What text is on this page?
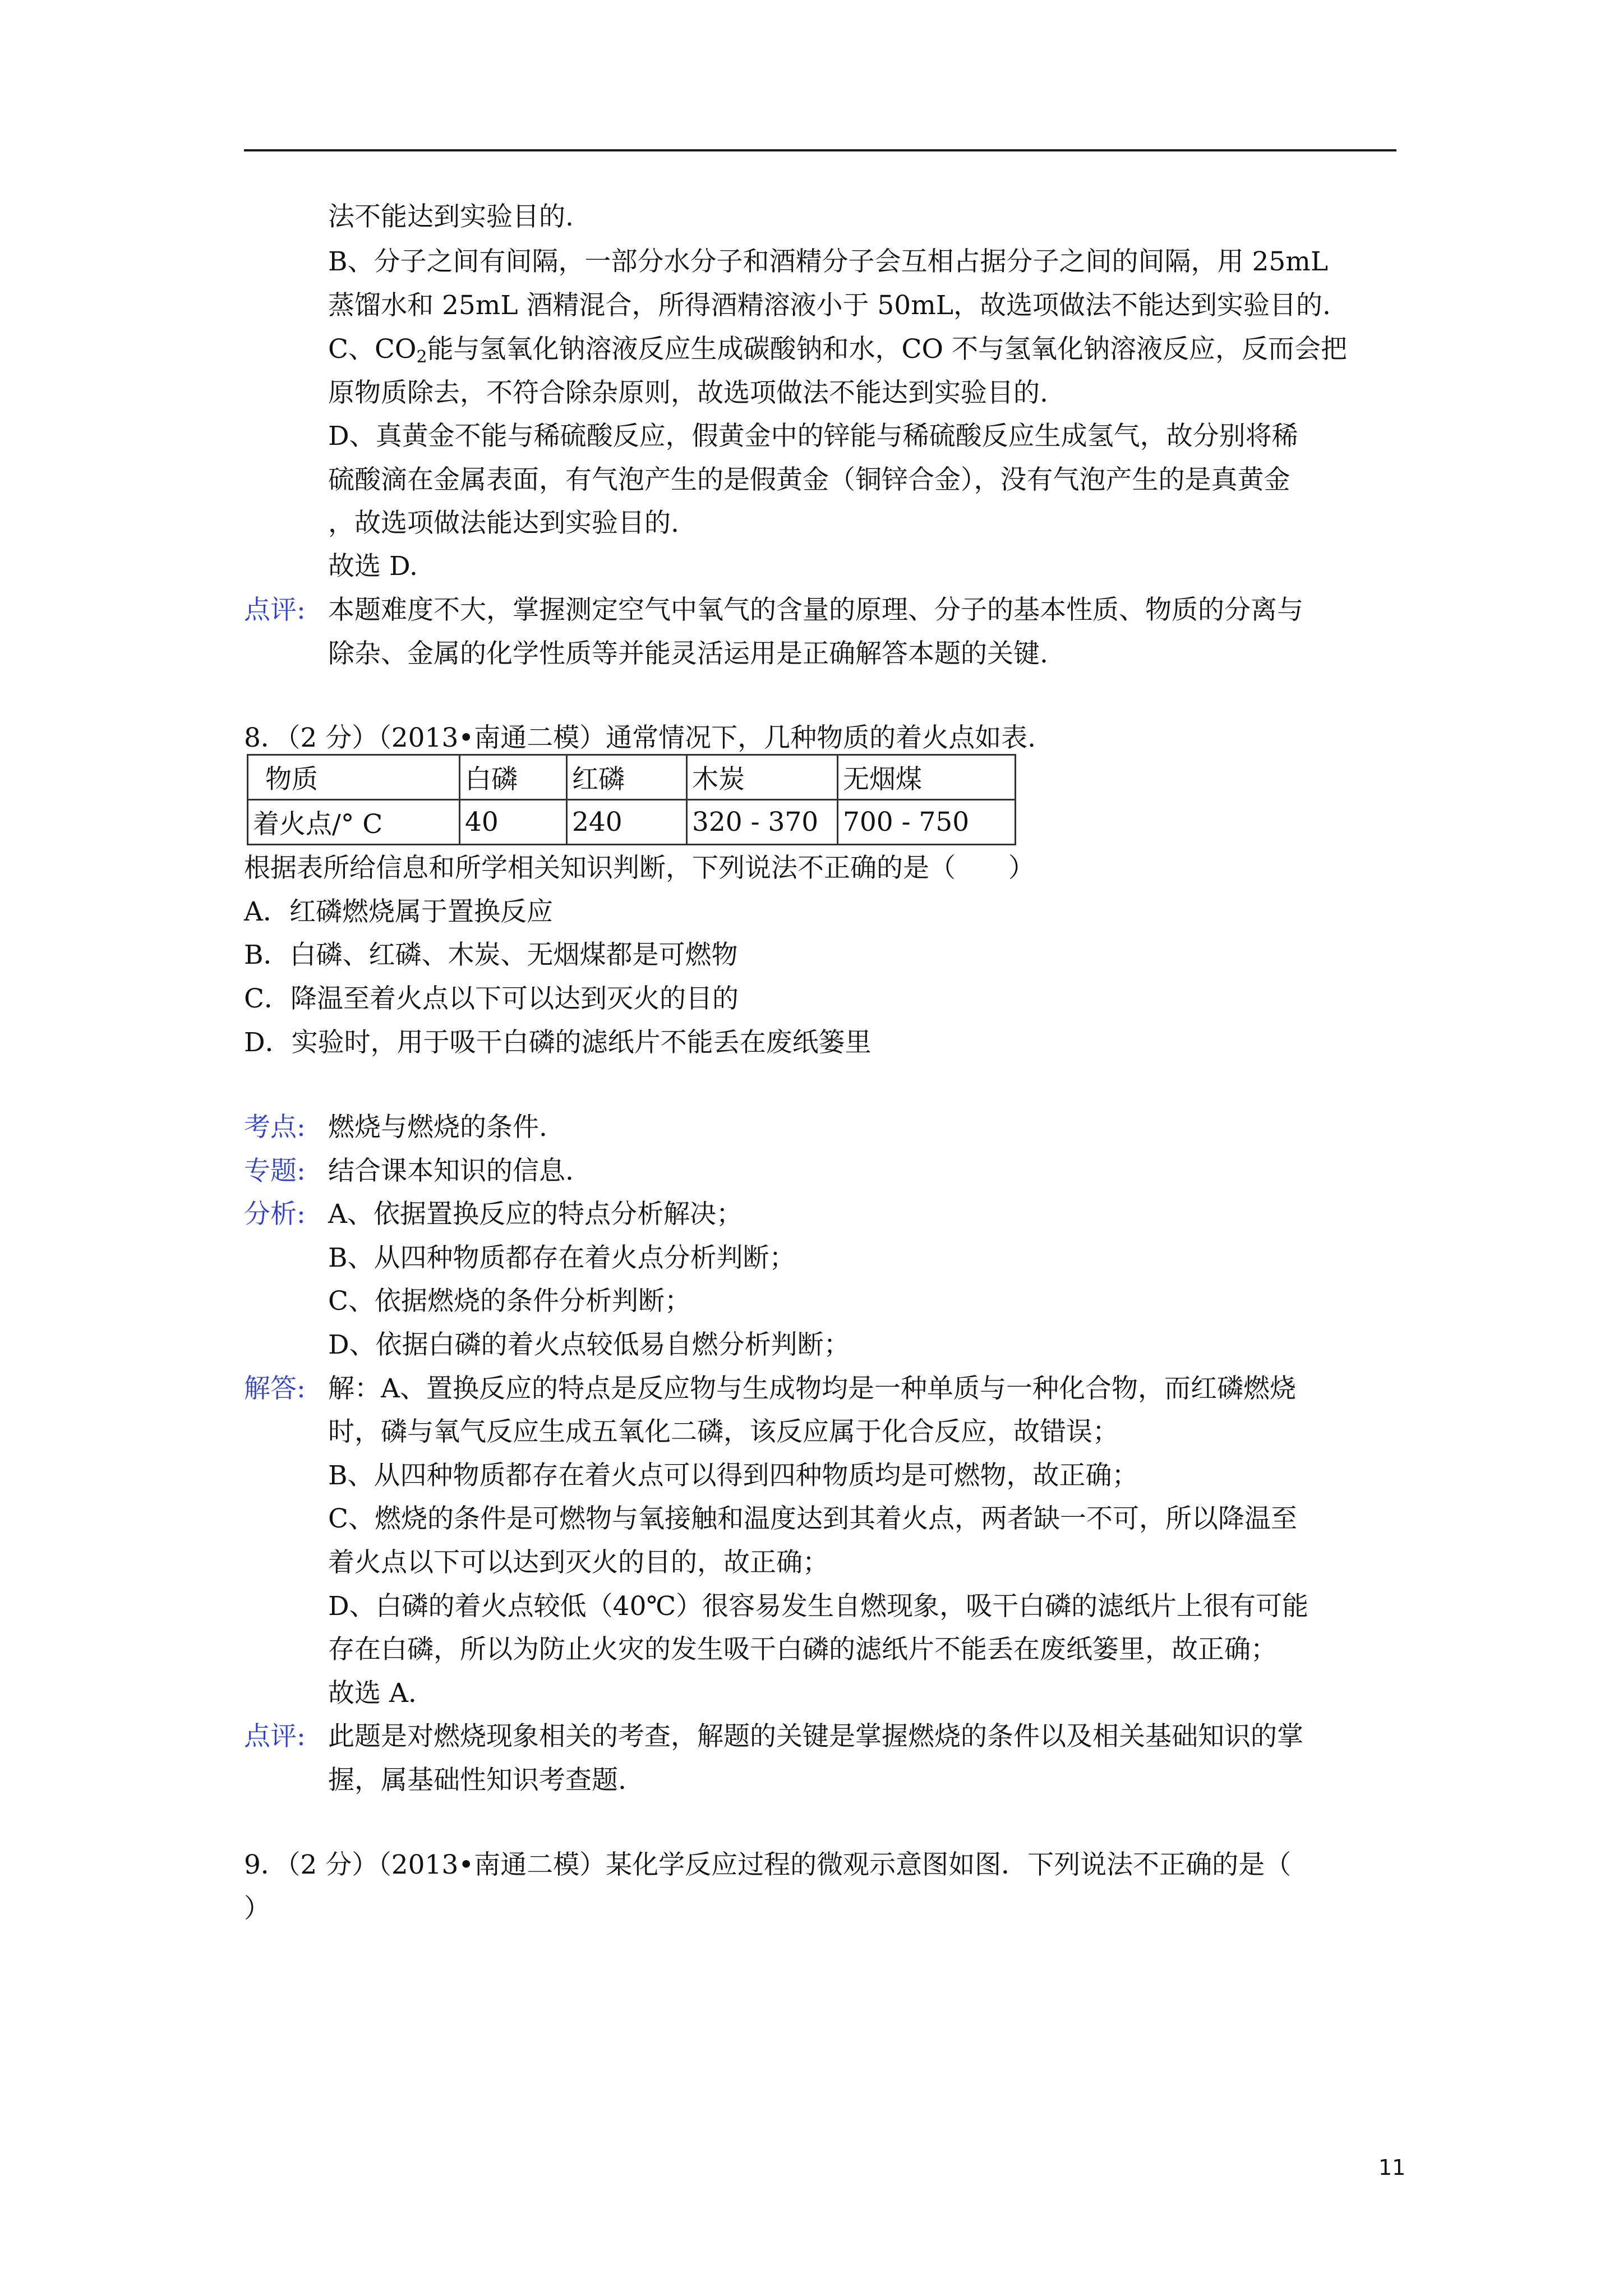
法不能达到实验目的.
B、分子之间有间隔，一部分水分子和酒精分子会互相占据分子之间的间隔，用 25mL
蒸馏水和 25mL 酒精混合，所得酒精溶液小于 50mL，故选项做法不能达到实验目的.
C、$CO_2$能与氢氧化钠溶液反应生成碳酸钠和水，CO 不与氢氧化钠溶液反应，反而会把
原物质除去，不符合除杂原则，故选项做法不能达到实验目的.
D、真黄金不能与稀硫酸反应，假黄金中的锌能与稀硫酸反应生成氢气，故分别将稀
硫酸滴在金属表面，有气泡产生的是假黄金（铜锌合金），没有气泡产生的是真黄金
，故选项做法能达到实验目的.
故选 D.
点评: 本题难度不大，掌握测定空气中氧气的含量的原理、分子的基本性质、物质的分离与
除杂、金属的化学性质等并能灵活运用是正确解答本题的关键.
8．（2 分）（2013•南通二模）通常情况下，几种物质的着火点如表.
物质	白磷	红磷	木炭	无烟煤
着火点/° C	40	240	320 - 370	700 - 750
根据表所给信息和所学相关知识判断，下列说法不正确的是（　　）
A．红磷燃烧属于置换反应
B．白磷、红磷、木炭、无烟煤都是可燃物
C．降温至着火点以下可以达到灭火的目的
D．实验时，用于吸干白磷的滤纸片不能丢在废纸篓里
考点: 燃烧与燃烧的条件.
专题: 结合课本知识的信息.
分析: A、依据置换反应的特点分析解决；
B、从四种物质都存在着火点分析判断；
C、依据燃烧的条件分析判断；
D、依据白磷的着火点较低易自燃分析判断；
解答: 解：A、置换反应的特点是反应物与生成物均是一种单质与一种化合物，而红磷燃烧
时，磷与氧气反应生成五氧化二磷，该反应属于化合反应，故错误；
B、从四种物质都存在着火点可以得到四种物质均是可燃物，故正确；
C、燃烧的条件是可燃物与氧接触和温度达到其着火点，两者缺一不可，所以降温至
着火点以下可以达到灭火的目的，故正确；
D、白磷的着火点较低（40℃）很容易发生自燃现象，吸干白磷的滤纸片上很有可能
存在白磷，所以为防止火灾的发生吸干白磷的滤纸片不能丢在废纸篓里，故正确；
故选 A.
点评: 此题是对燃烧现象相关的考查，解题的关键是掌握燃烧的条件以及相关基础知识的掌
握，属基础性知识考查题.
9．（2 分）（2013•南通二模）某化学反应过程的微观示意图如图．下列说法不正确的是（
）
11
